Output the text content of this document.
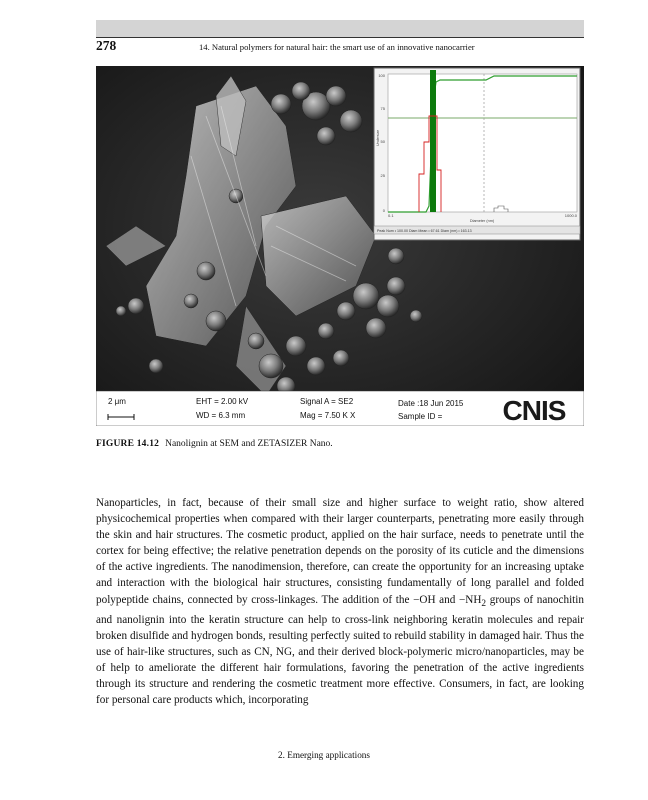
278	14. Natural polymers for natural hair: the smart use of an innovative nanocarrier
100
75
50
25
0
Undersize
0.1	1000.0
Diameter (nm)
Peak Num • 100.00 Diam Mean • 67.61 Diam (nm) • 163.13
2 μm	EHT = 2.00 kV
WD = 6.3 mm
Signal A = SE2
Mag = 7.50 K X
Date :18 Jun 2015
Sample ID = CNIS
FIGURE 14.12 Nanolignin at SEM and ZETASIZER Nano.

Nanoparticles, in fact, because of their small size and higher surface to weight ratio, show altered physicochemical properties when compared with their larger counterparts, penetrating more easily through the skin and hair structures. The cosmetic product, applied on the hair surface, needs to penetrate until the cortex for being effective; the relative penetration depends on the porosity of its cuticle and the dimensions of the active ingredients. The nanodimension, therefore, can create the opportunity for an increasing uptake and interaction with the biological hair structures, consisting fundamentally of long parallel and folded polypeptide chains, connected by cross-linkages. The addition of the −OH and $-NH_2$ groups of nanochitin and nanolignin into the keratin structure can help to cross-link neighboring keratin molecules and repair broken disulfide and hydrogen bonds, resulting perfectly suited to rebuild stability in damaged hair. Thus the use of hair-like structures, such as CN, NG, and their derived block-polymeric micro/nanoparticles, may be of help to ameliorate the different hair formulations, favoring the penetration of the active ingredients through its structure and rendering the cosmetic treatment more effective. Consumers, in fact, are looking for personal care products which, incorporating

2. Emerging applications
